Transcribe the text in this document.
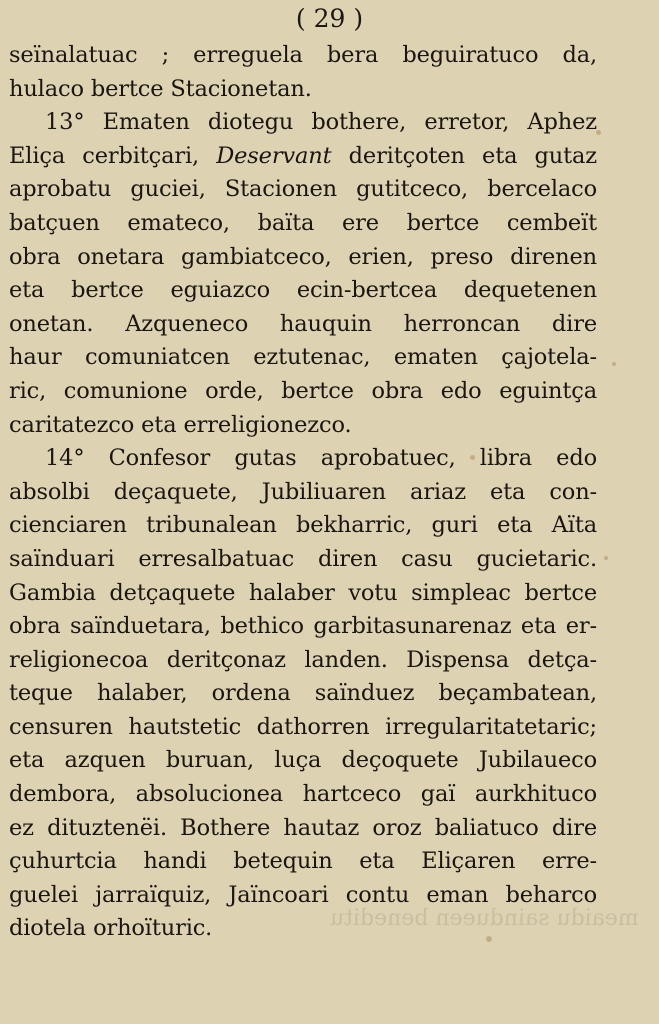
meaidu saindueen beneditu
( 29 )
seïnalatuac ; erreguela bera beguiratuco da,
hulaco bertce Stacionetan.
13° Ematen diotegu bothere, erretor, Aphez
Eliça cerbitçari, Deservant deritçoten eta gutaz
aprobatu guciei, Stacionen gutitceco, bercelaco
batçuen emateco, baïta ere bertce cembeït
obra onetara gambiatceco, erien, preso direnen
eta bertce eguiazco ecin-bertcea dequetenen
onetan. Azqueneco hauquin herroncan dire
haur comuniatcen eztutenac, ematen çajotela-
ric, comunione orde, bertce obra edo eguintça
caritatezco eta erreligionezco.
14° Confesor gutas aprobatuec, libra edo
absolbi deçaquete, Jubiliuaren ariaz eta con-
cienciaren tribunalean bekharric, guri eta Aïta
saïnduari erresalbatuac diren casu gucietaric.
Gambia detçaquete halaber votu simpleac bertce
obra saïnduetara, bethico garbitasunarenaz eta er-
religionecoa deritçonaz landen. Dispensa detça-
teque halaber, ordena saïnduez beçambatean,
censuren hautstetic dathorren irregularitatetaric;
eta azquen buruan, luça deçoquete Jubilaueco
dembora, absolucionea hartceco gaï aurkhituco
ez dituztenëi. Bothere hautaz oroz baliatuco dire
çuhurtcia handi betequin eta Eliçaren erre-
guelei jarraïquiz, Jaïncoari contu eman beharco
diotela orhoïturic.
